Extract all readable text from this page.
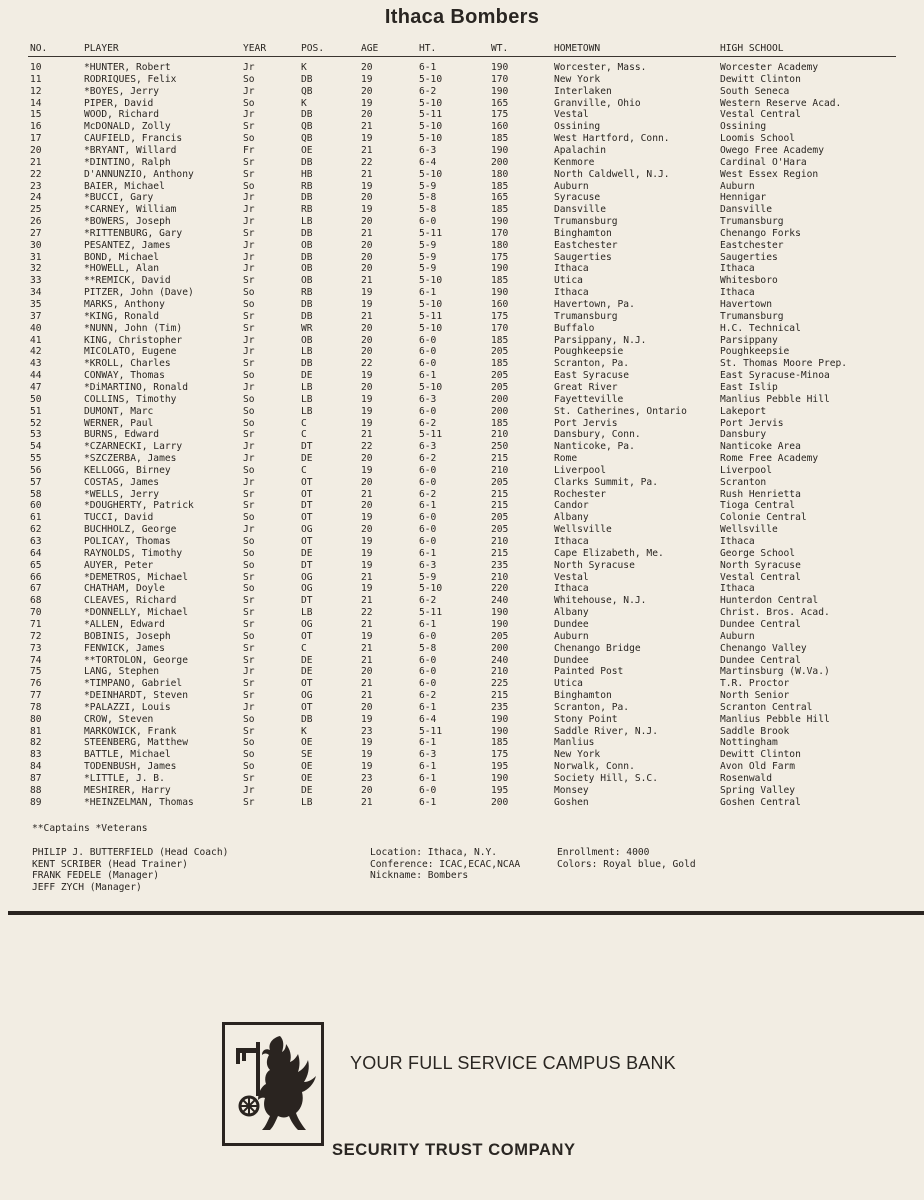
Ithaca Bombers
NO.	PLAYER	YEAR	POS.	AGE	HT.	WT.	HOMETOWN	HIGH SCHOOL
10	*HUNTER, Robert	Jr	K	20	6-1	190	Worcester, Mass.	Worcester Academy
11	RODRIQUES, Felix	So	DB	19	5-10	170	New York	Dewitt Clinton
12	*BOYES, Jerry	Jr	QB	20	6-2	190	Interlaken	South Seneca
14	PIPER, David	So	K	19	5-10	165	Granville, Ohio	Western Reserve Acad.
15	WOOD, Richard	Jr	DB	20	5-11	175	Vestal	Vestal Central
16	McDONALD, Zolly	Sr	QB	21	5-10	160	Ossining	Ossining
17	CAUFIELD, Francis	So	QB	19	5-10	185	West Hartford, Conn.	Loomis School
20	*BRYANT, Willard	Fr	OE	21	6-3	190	Apalachin	Owego Free Academy
21	*DINTINO, Ralph	Sr	DB	22	6-4	200	Kenmore	Cardinal O'Hara
22	D'ANNUNZIO, Anthony	Sr	HB	21	5-10	180	North Caldwell, N.J.	West Essex Region
23	BAIER, Michael	So	RB	19	5-9	185	Auburn	Auburn
24	*BUCCI, Gary	Jr	DB	20	5-8	165	Syracuse	Hennigar
25	*CARNEY, William	Jr	RB	19	5-8	185	Dansville	Dansville
26	*BOWERS, Joseph	Jr	LB	20	6-0	190	Trumansburg	Trumansburg
27	*RITTENBURG, Gary	Sr	DB	21	5-11	170	Binghamton	Chenango Forks
30	PESANTEZ, James	Jr	OB	20	5-9	180	Eastchester	Eastchester
31	BOND, Michael	Jr	DB	20	5-9	175	Saugerties	Saugerties
32	*HOWELL, Alan	Jr	OB	20	5-9	190	Ithaca	Ithaca
33	**REMICK, David	Sr	OB	21	5-10	185	Utica	Whitesboro
34	PITZER, John (Dave)	So	RB	19	6-1	190	Ithaca	Ithaca
35	MARKS, Anthony	So	DB	19	5-10	160	Havertown, Pa.	Havertown
37	*KING, Ronald	Sr	DB	21	5-11	175	Trumansburg	Trumansburg
40	*NUNN, John (Tim)	Sr	WR	20	5-10	170	Buffalo	H.C. Technical
41	KING, Christopher	Jr	OB	20	6-0	185	Parsippany, N.J.	Parsippany
42	MICOLATO, Eugene	Jr	LB	20	6-0	205	Poughkeepsie	Poughkeepsie
43	*KROLL, Charles	Sr	DB	22	6-0	185	Scranton, Pa.	St. Thomas Moore Prep.
44	CONWAY, Thomas	So	DE	19	6-1	205	East Syracuse	East Syracuse-Minoa
47	*DiMARTINO, Ronald	Jr	LB	20	5-10	205	Great River	East Islip
50	COLLINS, Timothy	So	LB	19	6-3	200	Fayetteville	Manlius Pebble Hill
51	DUMONT, Marc	So	LB	19	6-0	200	St. Catherines, Ontario	Lakeport
52	WERNER, Paul	So	C	19	6-2	185	Port Jervis	Port Jervis
53	BURNS, Edward	Sr	C	21	5-11	210	Dansbury, Conn.	Dansbury
54	*CZARNECKI, Larry	Jr	DT	22	6-3	250	Nanticoke, Pa.	Nanticoke Area
55	*SZCZERBA, James	Jr	DE	20	6-2	215	Rome	Rome Free Academy
56	KELLOGG, Birney	So	C	19	6-0	210	Liverpool	Liverpool
57	COSTAS, James	Jr	OT	20	6-0	205	Clarks Summit, Pa.	Scranton
58	*WELLS, Jerry	Sr	OT	21	6-2	215	Rochester	Rush Henrietta
60	*DOUGHERTY, Patrick	Sr	DT	20	6-1	215	Candor	Tioga Central
61	TUCCI, David	So	OT	19	6-0	205	Albany	Colonie Central
62	BUCHHOLZ, George	Jr	OG	20	6-0	205	Wellsville	Wellsville
63	POLICAY, Thomas	So	OT	19	6-0	210	Ithaca	Ithaca
64	RAYNOLDS, Timothy	So	DE	19	6-1	215	Cape Elizabeth, Me.	George School
65	AUYER, Peter	So	DT	19	6-3	235	North Syracuse	North Syracuse
66	*DEMETROS, Michael	Sr	OG	21	5-9	210	Vestal	Vestal Central
67	CHATHAM, Doyle	So	OG	19	5-10	220	Ithaca	Ithaca
68	CLEAVES, Richard	Sr	DT	21	6-2	240	Whitehouse, N.J.	Hunterdon Central
70	*DONNELLY, Michael	Sr	LB	22	5-11	190	Albany	Christ. Bros. Acad.
71	*ALLEN, Edward	Sr	OG	21	6-1	190	Dundee	Dundee Central
72	BOBINIS, Joseph	So	OT	19	6-0	205	Auburn	Auburn
73	FENWICK, James	Sr	C	21	5-8	200	Chenango Bridge	Chenango Valley
74	**TORTOLON, George	Sr	DE	21	6-0	240	Dundee	Dundee Central
75	LANG, Stephen	Jr	DE	20	6-0	210	Painted Post	Martinsburg (W.Va.)
76	*TIMPANO, Gabriel	Sr	OT	21	6-0	225	Utica	T.R. Proctor
77	*DEINHARDT, Steven	Sr	OG	21	6-2	215	Binghamton	North Senior
78	*PALAZZI, Louis	Jr	OT	20	6-1	235	Scranton, Pa.	Scranton Central
80	CROW, Steven	So	DB	19	6-4	190	Stony Point	Manlius Pebble Hill
81	MARKOWICK, Frank	Sr	K	23	5-11	190	Saddle River, N.J.	Saddle Brook
82	STEENBERG, Matthew	So	OE	19	6-1	185	Manlius	Nottingham
83	BATTLE, Michael	So	SE	19	6-3	175	New York	Dewitt Clinton
84	TODENBUSH, James	So	OE	19	6-1	195	Norwalk, Conn.	Avon Old Farm
87	*LITTLE, J. B.	Sr	OE	23	6-1	190	Society Hill, S.C.	Rosenwald
88	MESHIRER, Harry	Jr	DE	20	6-0	195	Monsey	Spring Valley
89	*HEINZELMAN, Thomas	Sr	LB	21	6-1	200	Goshen	Goshen Central
**Captains *Veterans
PHILIP J. BUTTERFIELD (Head Coach)
KENT SCRIBER (Head Trainer)
FRANK FEDELE (Manager)
JEFF ZYCH (Manager)
Location: Ithaca, N.Y.
Conference: ICAC,ECAC,NCAA
Nickname: Bombers
Enrollment: 4000
Colors: Royal blue, Gold
YOUR FULL SERVICE CAMPUS BANK
SECURITY TRUST COMPANY
